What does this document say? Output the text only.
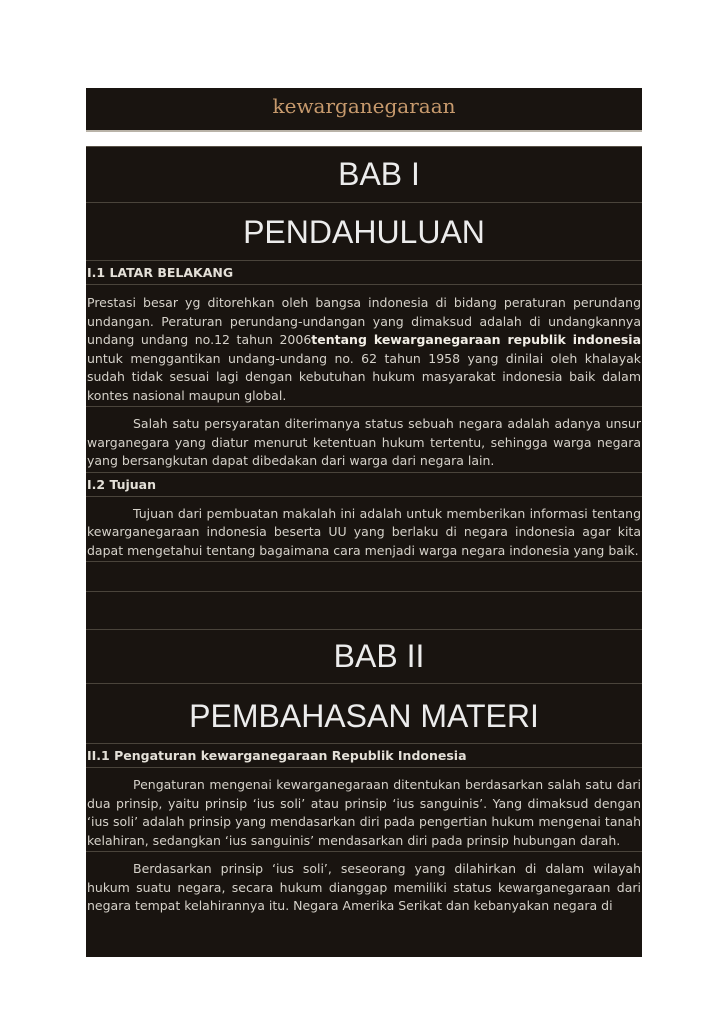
kewarganegaraan
BAB I
PENDAHULUAN
I.1 LATAR BELAKANG
Prestasi besar yg ditorehkan oleh bangsa indonesia di bidang peraturan perundang undangan. Peraturan perundang-undangan yang dimaksud adalah di undangkannya undang undang no.12 tahun 2006tentang kewarganegaraan republik indonesia untuk menggantikan undang-undang no. 62 tahun 1958 yang dinilai oleh khalayak sudah tidak sesuai lagi dengan kebutuhan hukum masyarakat indonesia baik dalam kontes nasional maupun global.
Salah satu persyaratan diterimanya status sebuah negara adalah adanya unsur warganegara yang diatur menurut ketentuan hukum tertentu, sehingga warga negara yang bersangkutan dapat dibedakan dari warga dari negara lain.
I.2 Tujuan
Tujuan dari pembuatan makalah ini adalah untuk memberikan informasi tentang kewarganegaraan indonesia beserta UU yang berlaku di negara indonesia agar kita dapat mengetahui tentang bagaimana cara menjadi warga negara indonesia yang baik.
BAB II
PEMBAHASAN MATERI
II.1 Pengaturan kewarganegaraan Republik Indonesia
Pengaturan mengenai kewarganegaraan ditentukan berdasarkan salah satu dari dua prinsip, yaitu prinsip ‘ius soli’ atau prinsip ‘ius sanguinis’. Yang dimaksud dengan ‘ius soli’ adalah prinsip yang mendasarkan diri pada pengertian hukum mengenai tanah kelahiran, sedangkan ‘ius sanguinis’ mendasarkan diri pada prinsip hubungan darah.
Berdasarkan prinsip ‘ius soli’, seseorang yang dilahirkan di dalam wilayah hukum suatu negara, secara hukum dianggap memiliki status kewarganegaraan dari negara tempat kelahirannya itu. Negara Amerika Serikat dan kebanyakan negara di
